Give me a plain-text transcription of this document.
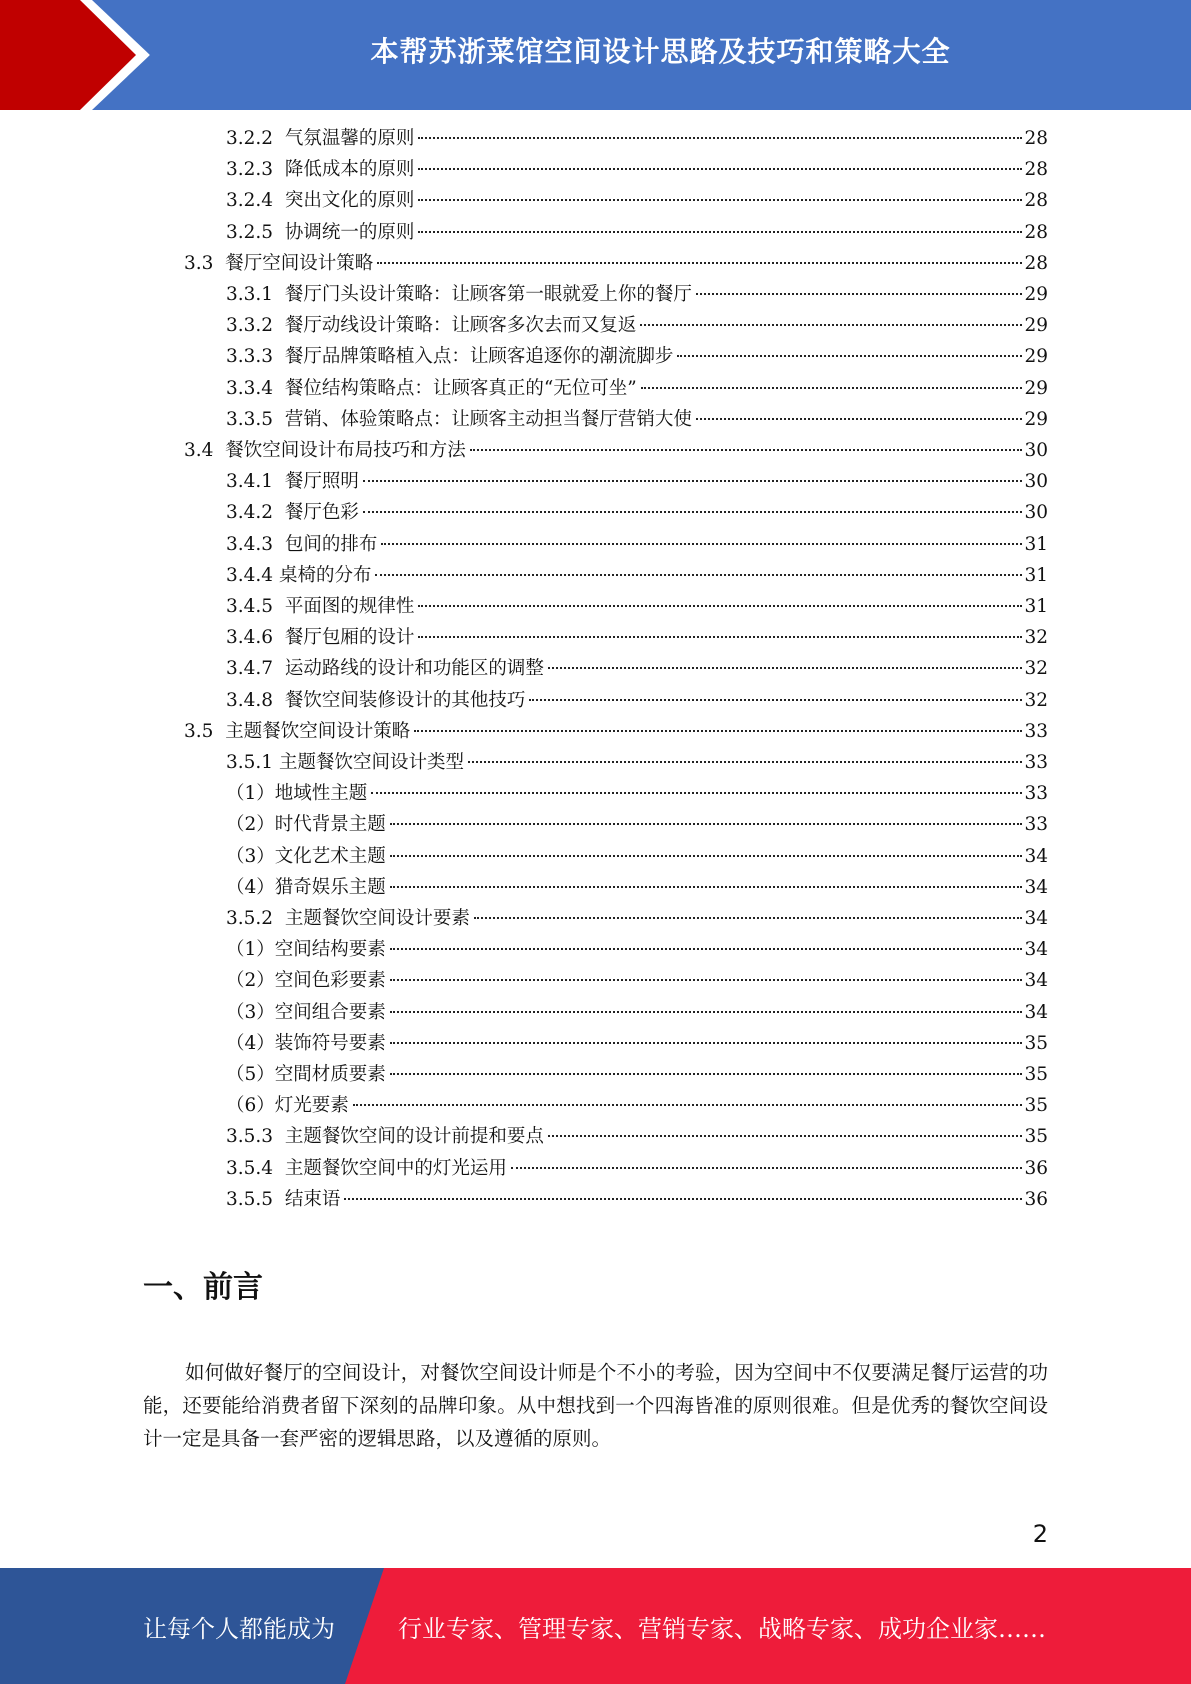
本帮苏浙菜馆空间设计思路及技巧和策略大全
3.2.2 气氛温馨的原则	28
3.2.3 降低成本的原则	28
3.2.4 突出文化的原则	28
3.2.5 协调统一的原则	28
3.3 餐厅空间设计策略	28
3.3.1 餐厅门头设计策略：让顾客第一眼就爱上你的餐厅	29
3.3.2 餐厅动线设计策略：让顾客多次去而又复返	29
3.3.3 餐厅品牌策略植入点：让顾客追逐你的潮流脚步	29
3.3.4 餐位结构策略点：让顾客真正的“无位可坐”	29
3.3.5 营销、体验策略点：让顾客主动担当餐厅营销大使	29
3.4 餐饮空间设计布局技巧和方法	30
3.4.1 餐厅照明	30
3.4.2 餐厅色彩	30
3.4.3 包间的排布	31
3.4.4 桌椅的分布	31
3.4.5 平面图的规律性	31
3.4.6 餐厅包厢的设计	32
3.4.7 运动路线的设计和功能区的调整	32
3.4.8 餐饮空间装修设计的其他技巧	32
3.5 主题餐饮空间设计策略	33
3.5.1 主题餐饮空间设计类型	33
（1） 地域性主题	33
（2） 时代背景主题	33
（3） 文化艺术主题	34
（4） 猎奇娱乐主题	34
3.5.2 主题餐饮空间设计要素	34
（1） 空间结构要素	34
（2） 空间色彩要素	34
（3） 空间组合要素	34
（4） 装饰符号要素	35
（5） 空間材质要素	35
（6） 灯光要素	35
3.5.3 主题餐饮空间的设计前提和要点	35
3.5.4 主题餐饮空间中的灯光运用	36
3.5.5 结束语	36
一、前言
如何做好餐厅的空间设计，对餐饮空间设计师是个不小的考验，因为空间中不仅要满足餐厅运营的功能，还要能给消费者留下深刻的品牌印象。从中想找到一个四海皆准的原则很难。但是优秀的餐饮空间设计一定是具备一套严密的逻辑思路，以及遵循的原则。
2
让每个人都能成为	行业专家、管理专家、营销专家、战略专家、成功企业家……
